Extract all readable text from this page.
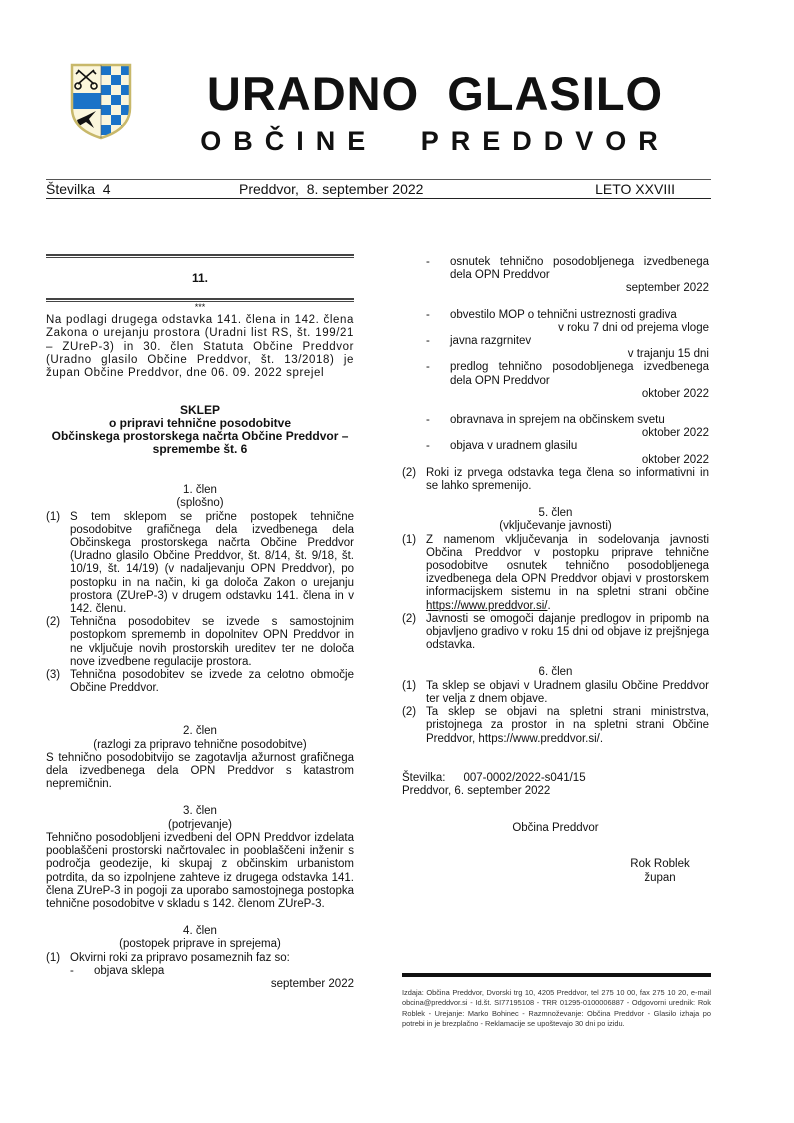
URADNO GLASILO
OBČINE PREDDVOR
Številka  4	Preddvor,  8. september 2022	LETO XXVIII
11.
***
Na podlagi drugega odstavka 141. člena in 142. člena Zakona o urejanju prostora (Uradni list RS, št. 199/21 – ZUreP-3) in 30. člen Statuta Občine Preddvor (Uradno glasilo Občine Preddvor, št. 13/2018) je župan Občine Preddvor, dne 06. 09. 2022 sprejel
SKLEP
o pripravi tehnične posodobitve
Občinskega prostorskega načrta Občine Preddvor –
spremembe št. 6
1. člen
(splošno)
(1) S tem sklepom se prične postopek tehnične posodobitve grafičnega dela izvedbenega dela Občinskega prostorskega načrta Občine Preddvor (Uradno glasilo Občine Preddvor, št. 8/14, št. 9/18, št. 10/19, št. 14/19) (v nadaljevanju OPN Preddvor), po postopku in na način, ki ga določa Zakon o urejanju prostora (ZUreP-3) v drugem odstavku 141. člena in v 142. členu.
(2) Tehnična posodobitev se izvede s samostojnim postopkom sprememb in dopolnitev OPN Preddvor in ne vključuje novih prostorskih ureditev ter ne določa nove izvedbene regulacije prostora.
(3) Tehnična posodobitev se izvede za celotno območje Občine Preddvor.
2. člen
(razlogi za pripravo tehnične posodobitve)
S tehnično posodobitvijo se zagotavlja ažurnost grafičnega dela izvedbenega dela OPN Preddvor s katastrom nepremičnin.
3. člen
(potrjevanje)
Tehnično posodobljeni izvedbeni del OPN Preddvor izdelata pooblaščeni prostorski načrtovalec in pooblaščeni inženir s področja geodezije, ki skupaj z občinskim urbanistom potrdita, da so izpolnjene zahteve iz drugega odstavka 141. člena ZUreP-3 in pogoji za uporabo samostojnega postopka tehnične posodobitve v skladu s 142. členom ZUreP-3.
4. člen
(postopek priprave in sprejema)
(1) Okvirni roki za pripravo posameznih faz so:
- objava sklepa
september 2022
- osnutek tehnično posodobljenega izvedbenega dela OPN Preddvor
september 2022
- obvestilo MOP o tehnični ustreznosti gradiva
v roku 7 dni od prejema vloge
- javna razgrnitev
v trajanju 15 dni
- predlog tehnično posodobljenega izvedbenega dela OPN Preddvor
oktober 2022
- obravnava in sprejem na občinskem svetu
oktober 2022
- objava v uradnem glasilu
oktober 2022
(2) Roki iz prvega odstavka tega člena so informativni in se lahko spremenijo.
5. člen
(vključevanje javnosti)
(1) Z namenom vključevanja in sodelovanja javnosti Občina Preddvor v postopku priprave tehnične posodobitve osnutek tehnično posodobljenega izvedbenega dela OPN Preddvor objavi v prostorskem informacijskem sistemu in na spletni strani občine https://www.preddvor.si/.
(2) Javnosti se omogoči dajanje predlogov in pripomb na objavljeno gradivo v roku 15 dni od objave iz prejšnjega odstavka.
6. člen
(1) Ta sklep se objavi v Uradnem glasilu Občine Preddvor ter velja z dnem objave.
(2) Ta sklep se objavi na spletni strani ministrstva, pristojnega za prostor in na spletni strani Občine Preddvor, https://www.preddvor.si/.
Številka: 007-0002/2022-s041/15
Preddvor, 6. september 2022
Občina Preddvor
Rok Roblek
župan
Izdaja: Občina Preddvor, Dvorski trg 10, 4205 Preddvor, tel 275 10 00, fax 275 10 20, e-mail obcina@preddvor.si - Id.št. SI77195108 - TRR 01295-0100006887 - Odgovorni urednik: Rok Roblek - Urejanje: Marko Bohinec - Razmnoževanje: Občina Preddvor - Glasilo izhaja po potrebi in je brezplačno - Reklamacije se upoštevajo 30 dni po izidu.
